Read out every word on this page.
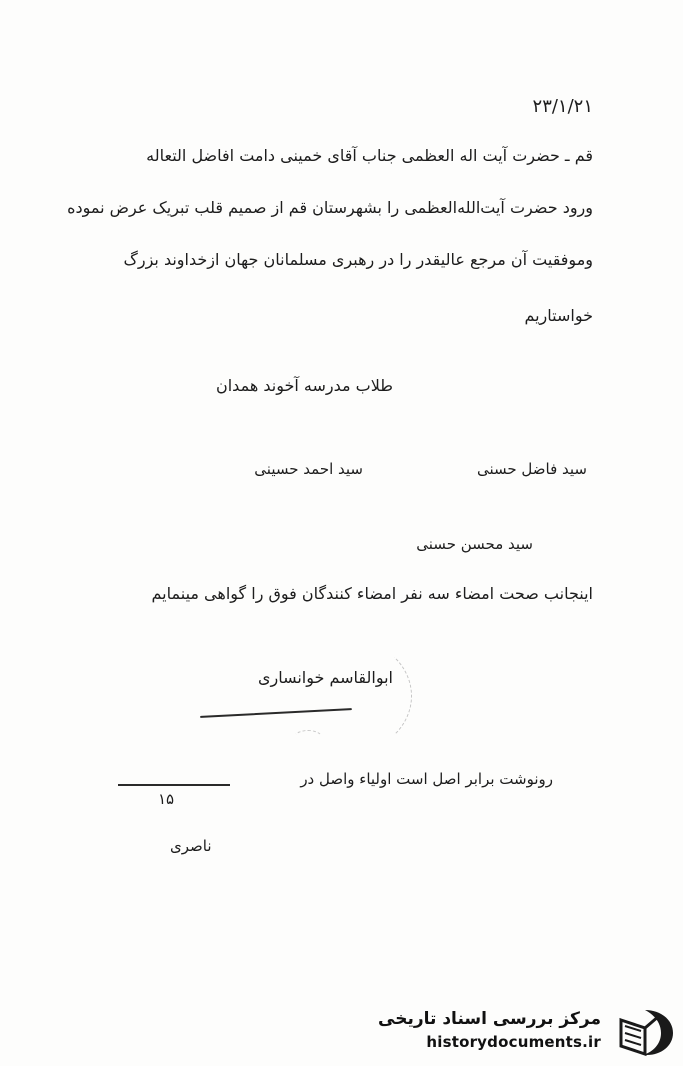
۲۳/۱/۲۱
قم ـ حضرت آیت اله العظمی جناب آقای خمینی دامت افاضل التعاله
ورود حضرت آیت‌الله‌العظمی را بشهرستان قم از صمیم قلب تبریک عرض نموده
وموفقیت آن مرجع عالیقدر را در رهبری مسلمانان جهان ازخداوند بزرگ
خواستاریم
طلاب مدرسه آخوند همدان
سید فاضل حسنی
سید احمد حسینی
سید محسن حسنی
اینجانب صحت امضاء سه نفر امضاء کنندگان فوق را گواهی مینمایم
ابوالقاسم خوانساری
رونوشت برابر اصل است اولیاء واصل در
۱۵
ناصری
مرکز بررسی اسناد تاریخی
historydocuments.ir
